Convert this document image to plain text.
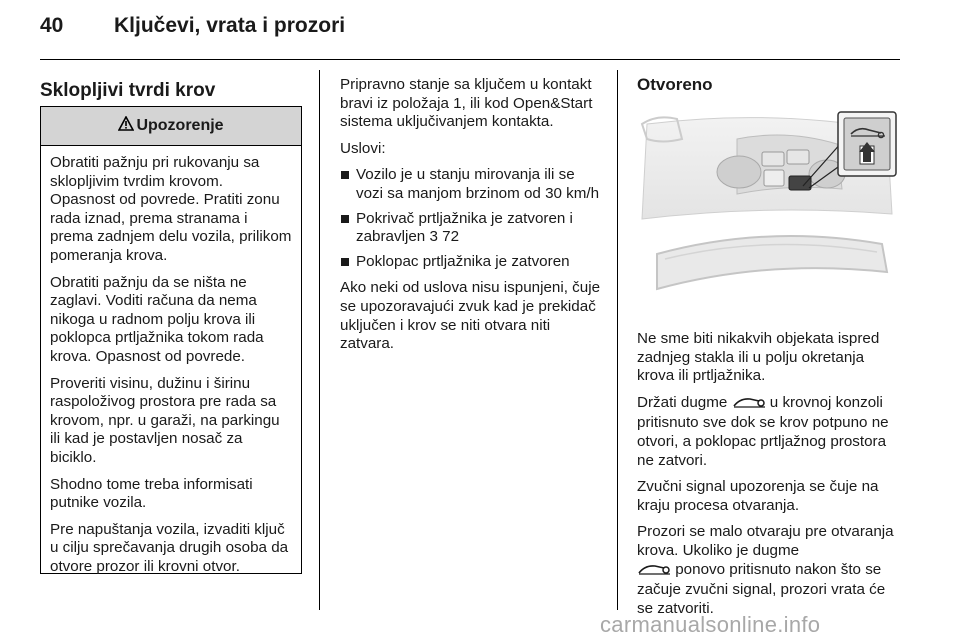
40 Ključevi, vrata i prozori
Sklopljivi tvrdi krov
Upozorenje

Obratiti pažnju pri rukovanju sa sklopljivim tvrdim krovom. Opasnost od povrede. Pratiti zonu rada iznad, prema stranama i prema zadnjem delu vozila, prilikom pomeranja krova.

Obratiti pažnju da se ništa ne zaglavi. Voditi računa da nema nikoga u radnom polju krova ili poklopca prtljažnika tokom rada krova. Opasnost od povrede.

Proveriti visinu, dužinu i širinu raspoloživog prostora pre rada sa krovom, npr. u garaži, na parkingu ili kad je postavljen nosač za biciklo.

Shodno tome treba informisati putnike vozila.

Pre napuštanja vozila, izvaditi ključ u cilju sprečavanja drugih osoba da otvore prozor ili krovni otvor.

Pripravno stanje sa ključem u kontakt bravi iz položaja 1, ili kod Open&Start sistema uključivanjem kontakta.

Uslovi:

Vozilo je u stanju mirovanja ili se vozi sa manjom brzinom od 30 km/h
Pokrivač prtljažnika je zatvoren i zabravljen 3 72
Poklopac prtljažnika je zatvoren

Ako neki od uslova nisu ispunjeni, čuje se upozoravajući zvuk kad je prekidač uključen i krov se niti otvara niti zatvara.

Otvoreno

Ne sme biti nikakvih objekata ispred zadnjeg stakla ili u polju okretanja krova ili prtljažnika.

Držati dugme	u krovnoj konzoli pritisnuto sve dok se krov potpuno ne otvori, a poklopac prtljažnog prostora ne zatvori.

Zvučni signal upozorenja se čuje na kraju procesa otvaranja.

Prozori se malo otvaraju pre otvaranja krova. Ukoliko je dugme
ponovo pritisnuto nakon što se začuje zvučni signal, prozori vrata će se zatvoriti.

carmanualsonline.info
